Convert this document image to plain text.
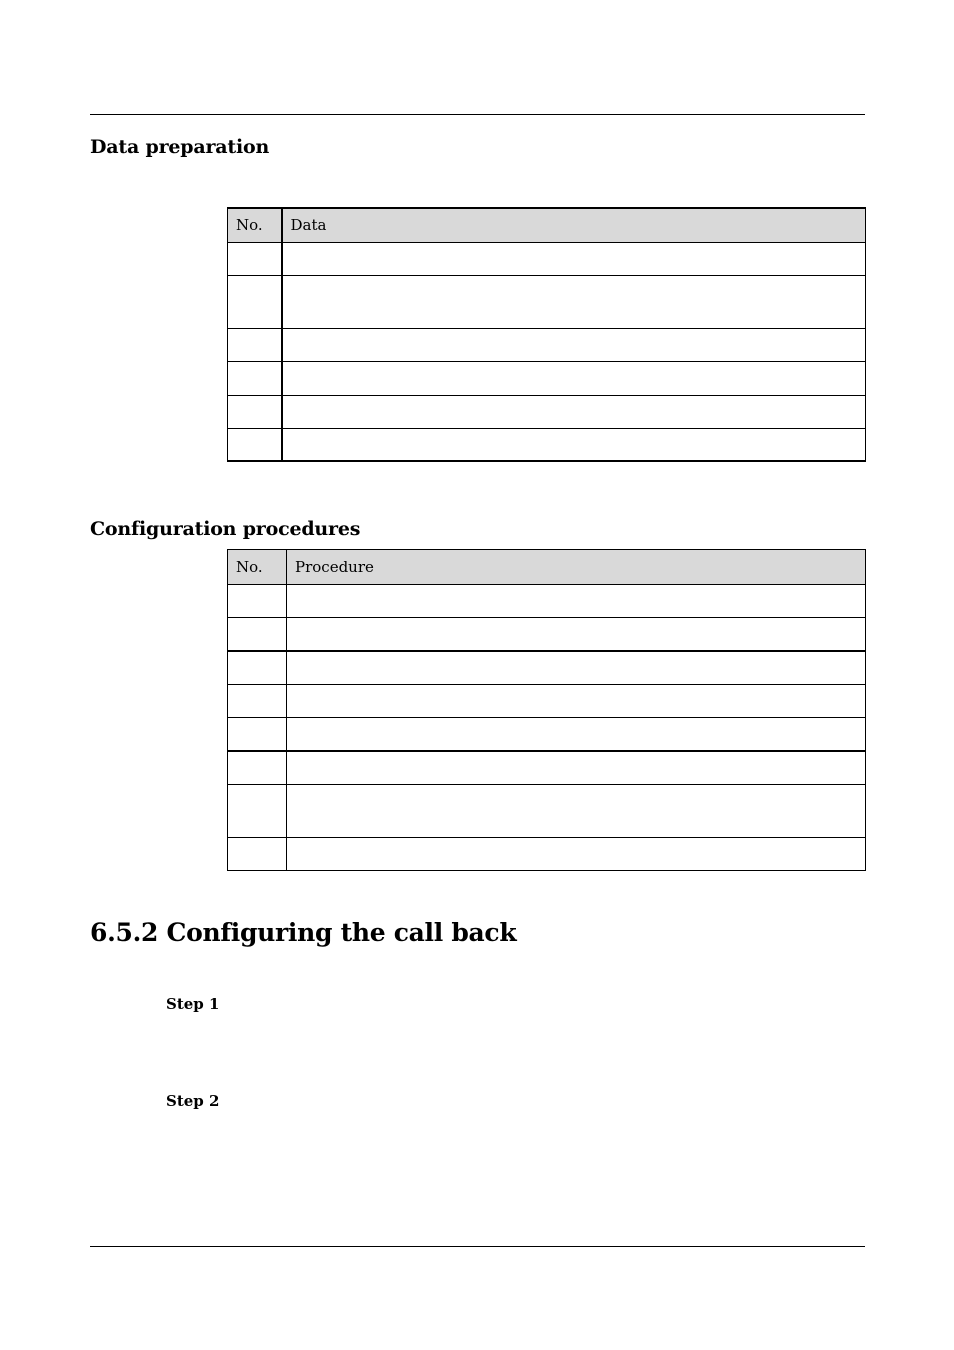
Data preparation
No.	Data

Configuration procedures
No.	Procedure

6.5.2 Configuring the call back
Step 1
Step 2
